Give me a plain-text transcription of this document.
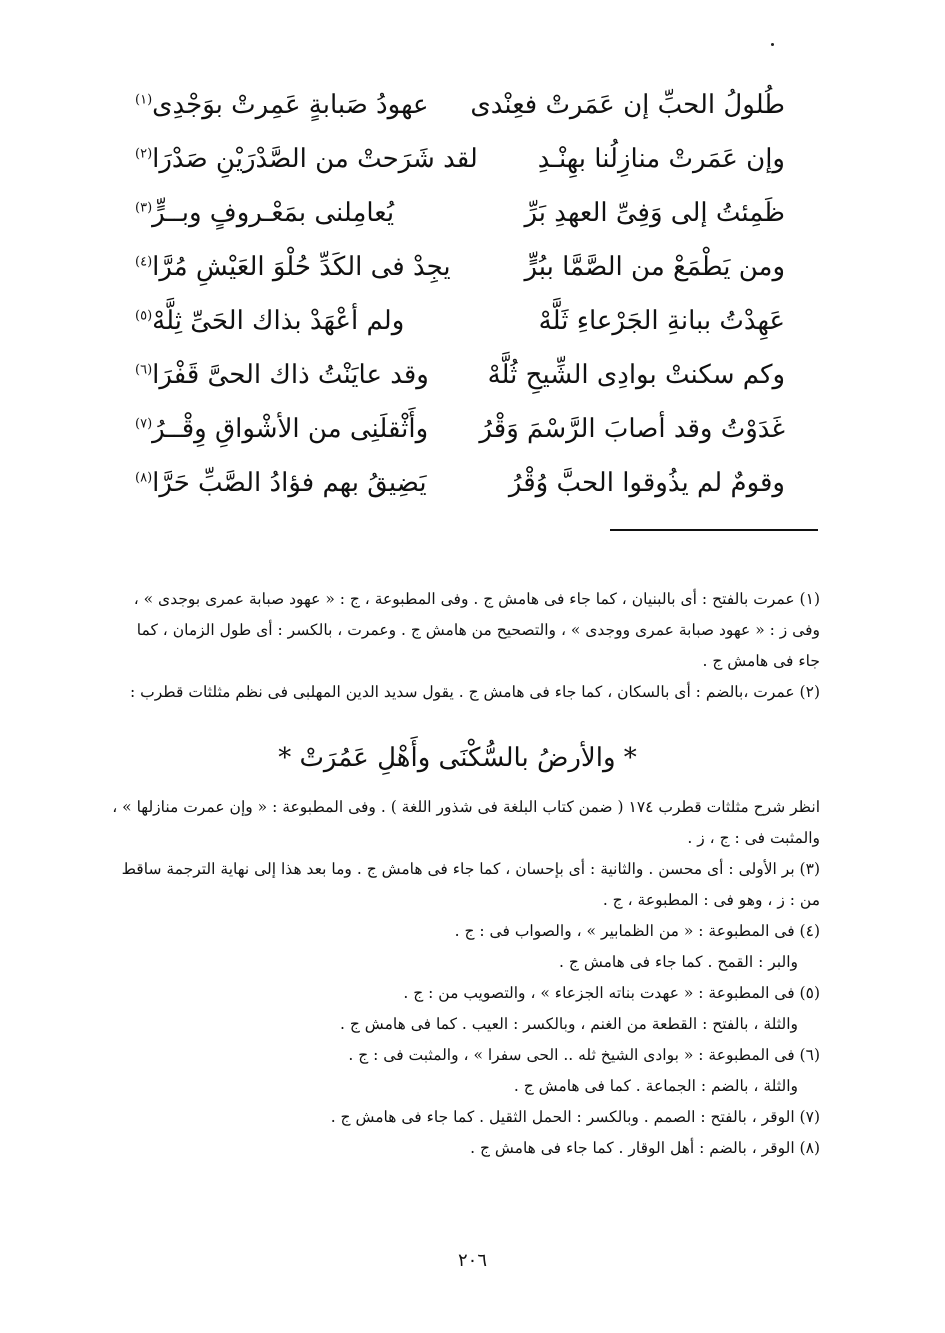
طُلولُ الحبِّ إن عَمَرتْ فعِنْدى
عهودُ صَبابةٍ عَمِرتْ بوَجْدِى$^{(١)}$
وإن عَمَرتْ منازِلُنا بهِنْـدِ
لقد شَرَحتْ من الصَّدْرَيْنِ صَدْرَا$^{(٢)}$
ظَمِئتُ إلى وَفِىِّ العهدِ بَرِّ
يُعامِلنى بمَعْـروفٍ وبــرٍّ$^{(٣)}$
ومن يَطْمَعْ من الصَّمَّا ببُرٍّ
يجِدْ فى الكَدِّ حُلْوَ العَيْشِ مُرَّا$^{(٤)}$
عَهِدْتُ ببانةِ الجَرْعاءِ ثَلَّهْ
ولم أعْهَدْ بذاك الحَىِّ ثِلَّهْ$^{(٥)}$
وكم سكنتْ بوادِى الشِّيحِ ثُلَّهْ
وقد عايَنْتُ ذاك الحىَّ قَفْرَا$^{(٦)}$
غَدَوْتُ وقد أصابَ الرَّسْمَ وَقْرُ
وأَثْقلَنِى من الأشْواقِ وِقْــرُ$^{(٧)}$
وقومٌ لم يذُوقوا الحبَّ وُقْرُ
يَضِيقُ بهم فؤادُ الصَّبِّ حَرَّا$^{(٨)}$

(١) عمرت بالفتح : أى بالبنيان ، كما جاء فى هامش ج . وفى المطبوعة ، ج : « عهود صبابة عمرى بوجدى » ،

وفى ز : « عهود صبابة عمرى ووجدى » ، والتصحيح من هامش ج . وعمرت ، بالكسر : أى طول الزمان ، كما

جاء فى هامش ج .

(٢) عمرت ،بالضم : أى بالسكان ، كما جاء فى هامش ج . يقول سديد الدين المهلبى فى نظم مثلثات قطرب :

* والأرضُ بالسُّكْنَى وأَهْلِ عَمُرَتْ *

انظر شرح مثلثات قطرب ١٧٤ ( ضمن كتاب البلغة فى شذور اللغة ) . وفى المطبوعة : « وإن عمرت منازلها » ،

والمثبت فى : ج ، ز .

(٣) بر الأولى : أى محسن . والثانية : أى بإحسان ، كما جاء فى هامش ج . وما بعد هذا إلى نهاية الترجمة ساقط

من : ز ، وهو فى : المطبوعة ، ج .

(٤) فى المطبوعة : « من الظمابير » ، والصواب فى : ج .

والبر : القمح . كما جاء فى هامش ج .

(٥) فى المطبوعة : « عهدت بناته الجزعاء » ، والتصويب من : ج .

والثلة ، بالفتح : القطعة من الغنم ، وبالكسر : العيب . كما فى هامش ج .

(٦) فى المطبوعة : « بوادى الشيخ ثله .. الحى سفرا » ، والمثبت فى : ج .

والثلة ، بالضم : الجماعة . كما فى هامش ج .

(٧) الوقر ، بالفتح : الصمم . وبالكسر : الحمل الثقيل . كما جاء فى هامش ج .

(٨) الوقر ، بالضم : أهل الوقار . كما جاء فى هامش ج .

٢٠٦
